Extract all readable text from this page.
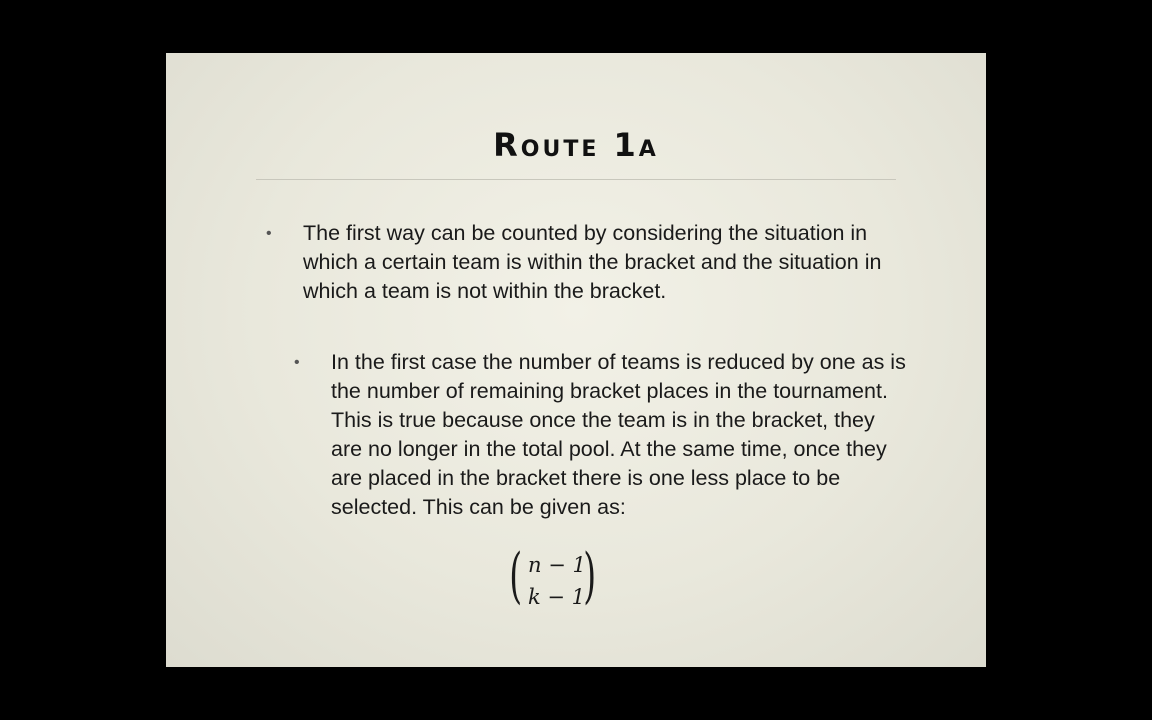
Route 1a
• The first way can be counted by considering the situation in which a certain team is within the bracket and the situation in which a team is not within the bracket.
• In the first case the number of teams is reduced by one as is the number of remaining bracket places in the tournament. This is true because once the team is in the bracket, they are no longer in the total pool. At the same time, once they are placed in the bracket there is one less place to be selected. This can be given as:
( n − 1
k − 1
)
